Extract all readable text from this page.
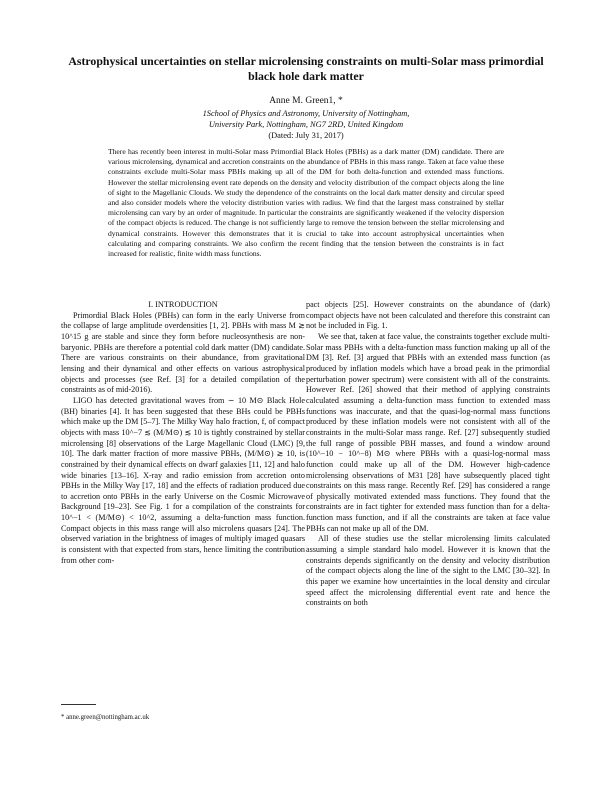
Astrophysical uncertainties on stellar microlensing constraints on multi-Solar mass primordial black hole dark matter
Anne M. Green1, *
1School of Physics and Astronomy, University of Nottingham,
University Park, Nottingham, NG7 2RD, United Kingdom
(Dated: July 31, 2017)
There has recently been interest in multi-Solar mass Primordial Black Holes (PBHs) as a dark matter (DM) candidate. There are various microlensing, dynamical and accretion constraints on the abundance of PBHs in this mass range. Taken at face value these constraints exclude multi-Solar mass PBHs making up all of the DM for both delta-function and extended mass functions. However the stellar microlensing event rate depends on the density and velocity distribution of the compact objects along the line of sight to the Magellanic Clouds. We study the dependence of the constraints on the local dark matter density and circular speed and also consider models where the velocity distribution varies with radius. We find that the largest mass constrained by stellar microlensing can vary by an order of magnitude. In particular the constraints are significantly weakened if the velocity dispersion of the compact objects is reduced. The change is not sufficiently large to remove the tension between the stellar microlensing and dynamical constraints. However this demonstrates that it is crucial to take into account astrophysical uncertainties when calculating and comparing constraints. We also confirm the recent finding that the tension between the constraints is in fact increased for realistic, finite width mass functions.

I. INTRODUCTION

Primordial Black Holes (PBHs) can form in the early Universe from the collapse of large amplitude overdensities [1, 2]. PBHs with mass M ≳ 10^15 g are stable and since they form before nucleosynthesis are non-baryonic. PBHs are therefore a potential cold dark matter (DM) candidate. There are various constraints on their abundance, from gravitational lensing and their dynamical and other effects on various astrophysical objects and processes (see Ref. [3] for a detailed compilation of the constraints as of mid-2016).

LIGO has detected gravitational waves from ∼ 10 M⊙ Black Hole (BH) binaries [4]. It has been suggested that these BHs could be PBHs which make up the DM [5–7]. The Milky Way halo fraction, f, of compact objects with mass 10^−7 ≲ (M/M⊙) ≲ 10 is tightly constrained by stellar microlensing [8] observations of the Large Magellanic Cloud (LMC) [9, 10]. The dark matter fraction of more massive PBHs, (M/M⊙) ≳ 10, is constrained by their dynamical effects on dwarf galaxies [11, 12] and halo wide binaries [13–16]. X-ray and radio emission from accretion onto PBHs in the Milky Way [17, 18] and the effects of radiation produced due to accretion onto PBHs in the early Universe on the Cosmic Microwave Background [19–23]. See Fig. 1 for a compilation of the constraints for 10^−1 < (M/M⊙) < 10^2, assuming a delta-function mass function. Compact objects in this mass range will also microlens quasars [24]. The observed variation in the brightness of images of multiply imaged quasars is consistent with that expected from stars, hence limiting the contribution from other com-

pact objects [25]. However constraints on the abundance of (dark) compact objects have not been calculated and therefore this constraint can not be included in Fig. 1.

We see that, taken at face value, the constraints together exclude multi-Solar mass PBHs with a delta-function mass function making up all of the DM [3]. Ref. [3] argued that PBHs with an extended mass function (as produced by inflation models which have a broad peak in the primordial perturbation power spectrum) were consistent with all of the constraints. However Ref. [26] showed that their method of applying constraints calculated assuming a delta-function mass function to extended mass functions was inaccurate, and that the quasi-log-normal mass functions produced by these inflation models were not consistent with all of the constraints in the multi-Solar mass range. Ref. [27] subsequently studied the full range of possible PBH masses, and found a window around (10^−10 − 10^−8) M⊙ where PBHs with a quasi-log-normal mass function could make up all of the DM. However high-cadence microlensing observations of M31 [28] have subsequently placed tight constraints on this mass range. Recently Ref. [29] has considered a range of physically motivated extended mass functions. They found that the constraints are in fact tighter for extended mass function than for a delta-function mass function, and if all the constraints are taken at face value PBHs can not make up all of the DM.

All of these studies use the stellar microlensing limits calculated assuming a simple standard halo model. However it is known that the constraints depends significantly on the density and velocity distribution of the compact objects along the line of the sight to the LMC [30–32]. In this paper we examine how uncertainties in the local density and circular speed affect the microlensing differential event rate and hence the constraints on both

* anne.green@nottingham.ac.uk
